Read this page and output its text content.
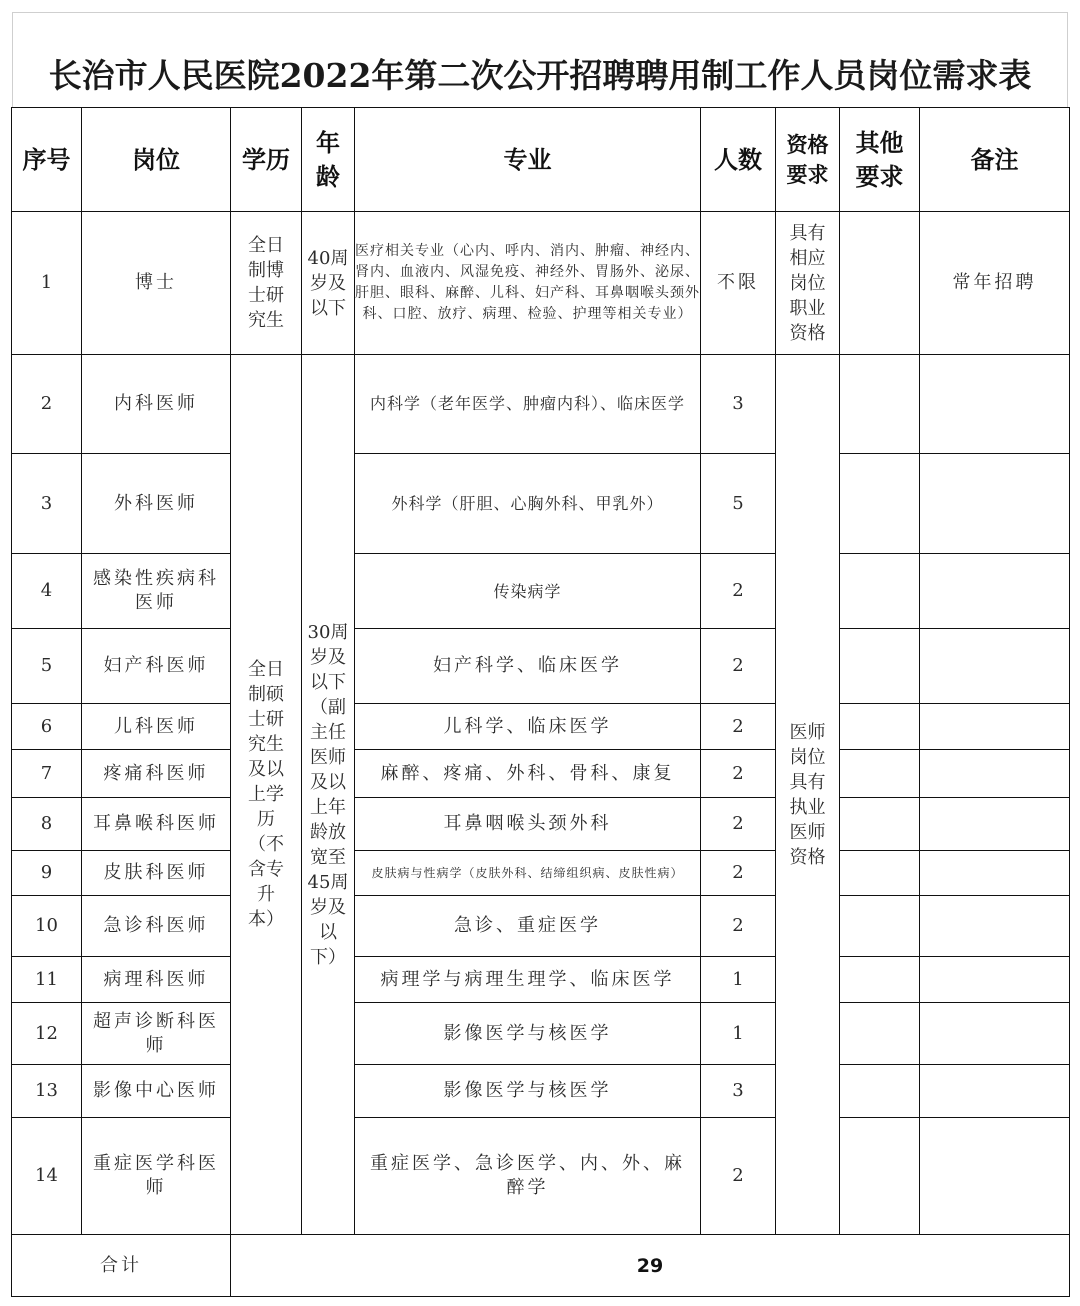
长治市人民医院2022年第二次公开招聘聘用制工作人员岗位需求表
序号	岗位	学历	年龄	专业	人数	资格要求	其他要求	备注
1	博士	全日制博士研究生	40周岁及以下	医疗相关专业（心内、呼内、消内、肿瘤、神经内、肾内、血液内、风湿免疫、神经外、胃肠外、泌尿、肝胆、眼科、麻醉、儿科、妇产科、耳鼻咽喉头颈外科、口腔、放疗、病理、检验、护理等相关专业）	不限	具有相应岗位职业资格		常年招聘
2	内科医师	全日制硕士研究生及以上学历（不含专升本）	30周岁及以下（副主任医师及以上年龄放宽至45周岁及以下）	内科学（老年医学、肿瘤内科）、临床医学	3	医师岗位具有执业医师资格		

3	外科医师			外科学（肝胆、心胸外科、甲乳外）	5			
4	感染性疾病科医师			传染病学	2			
5	妇产科医师			妇产科学、临床医学	2			
6	儿科医师			儿科学、临床医学	2			
7	疼痛科医师			麻醉、疼痛、外科、骨科、康复	2			
8	耳鼻喉科医师			耳鼻咽喉头颈外科	2			
9	皮肤科医师			皮肤病与性病学（皮肤外科、结缔组织病、皮肤性病）	2			
10	急诊科医师			急诊、重症医学	2			
11	病理科医师			病理学与病理生理学、临床医学	1			
12	超声诊断科医师			影像医学与核医学	1			
13	影像中心医师			影像医学与核医学	3			
14	重症医学科医师			重症医学、急诊医学、内、外、麻醉学	2			
合计		29						
